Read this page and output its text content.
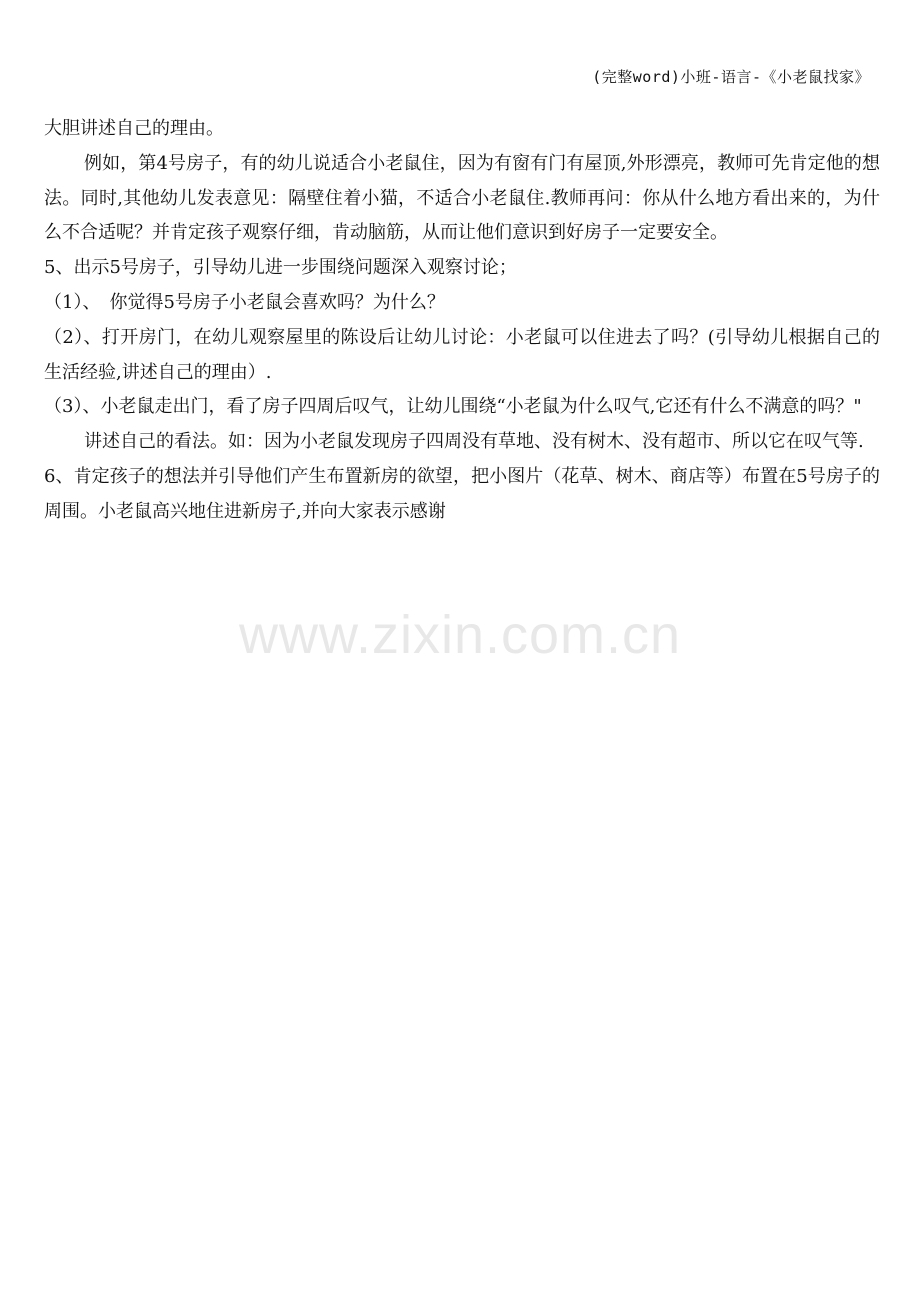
(完整word)小班-语言-《小老鼠找家》

大胆讲述自己的理由。

例如，第4号房子，有的幼儿说适合小老鼠住，因为有窗有门有屋顶,外形漂亮，教师可先肯定他的想法。同时,其他幼儿发表意见：隔壁住着小猫，不适合小老鼠住.教师再问：你从什么地方看出来的，为什么不合适呢？并肯定孩子观察仔细，肯动脑筋，从而让他们意识到好房子一定要安全。

5、出示5号房子，引导幼儿进一步围绕问题深入观察讨论；

（1）、　你觉得5号房子小老鼠会喜欢吗？为什么？

（2）、打开房门，在幼儿观察屋里的陈设后让幼儿讨论：小老鼠可以住进去了吗？(引导幼儿根据自己的生活经验,讲述自己的理由）.

（3）、小老鼠走出门，看了房子四周后叹气，让幼儿围绕“小老鼠为什么叹气,它还有什么不满意的吗？"

讲述自己的看法。如：因为小老鼠发现房子四周没有草地、没有树木、没有超市、所以它在叹气等.

6、肯定孩子的想法并引导他们产生布置新房的欲望，把小图片（花草、树木、商店等）布置在5号房子的周围。小老鼠高兴地住进新房子,并向大家表示感谢

www.zixin.com.cn
